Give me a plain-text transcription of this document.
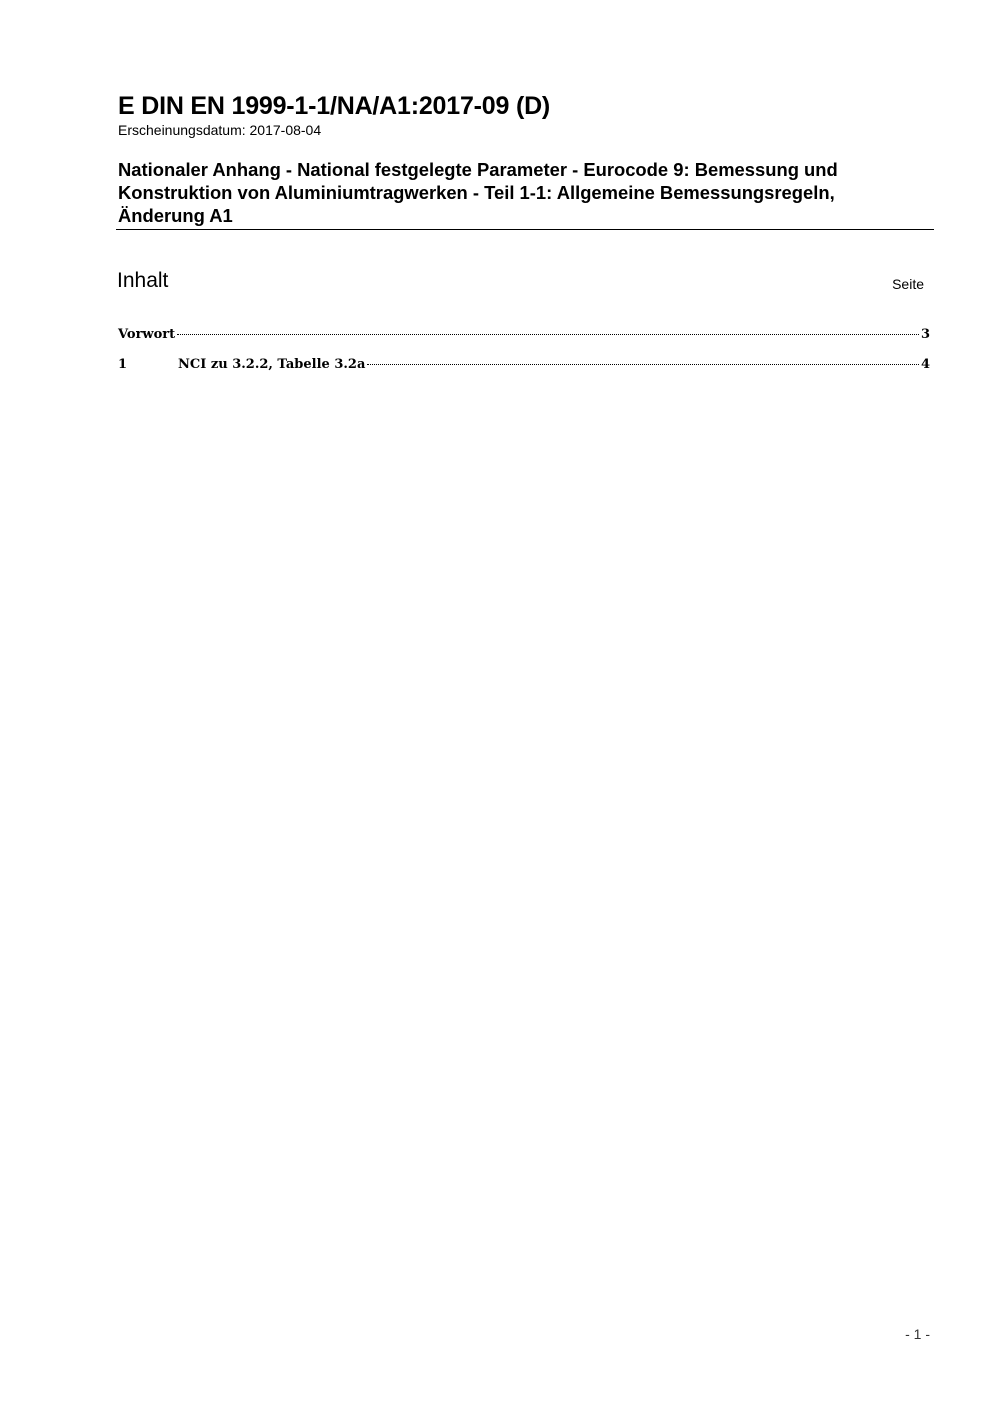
E DIN EN 1999-1-1/NA/A1:2017-09 (D)
Erscheinungsdatum: 2017-08-04
Nationaler Anhang - National festgelegte Parameter - Eurocode 9: Bemessung und
Konstruktion von Aluminiumtragwerken - Teil 1-1: Allgemeine Bemessungsregeln,
Änderung A1
Inhalt	Seite
Vorwort	3
1	NCI zu 3.2.2, Tabelle 3.2a	4
- 1 -
